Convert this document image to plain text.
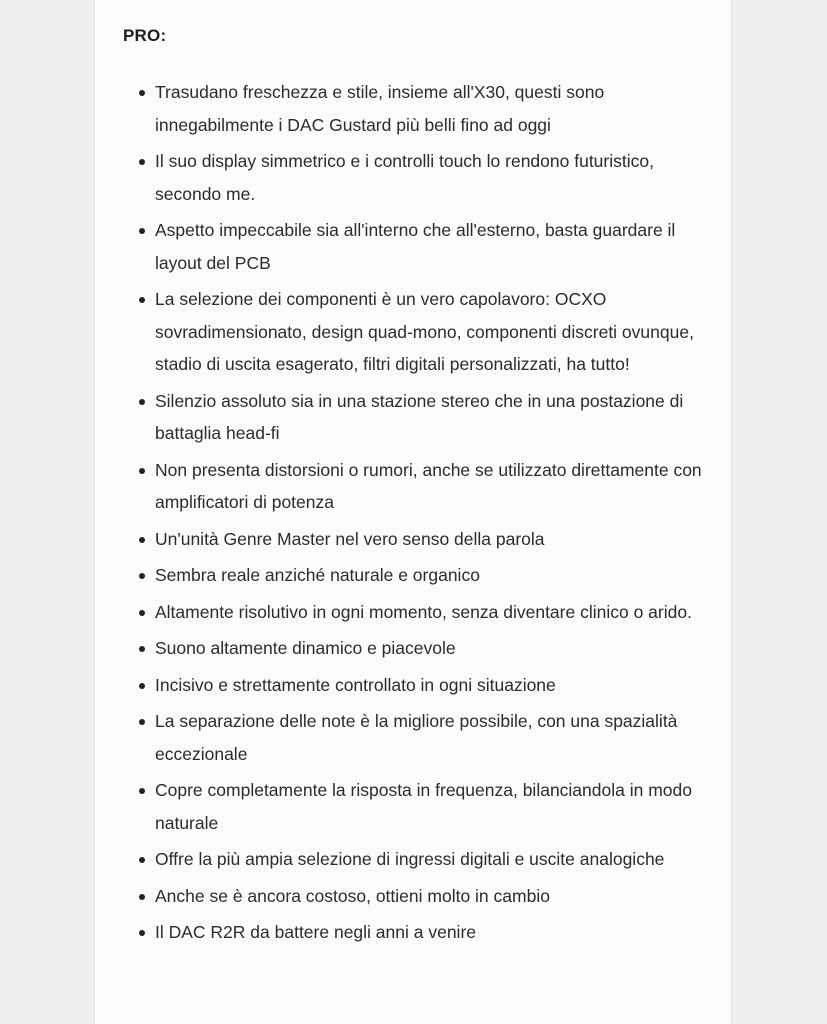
PRO:
Trasudano freschezza e stile, insieme all'X30, questi sono innegabilmente i DAC Gustard più belli fino ad oggi
Il suo display simmetrico e i controlli touch lo rendono futuristico, secondo me.
Aspetto impeccabile sia all'interno che all'esterno, basta guardare il layout del PCB
La selezione dei componenti è un vero capolavoro: OCXO sovradimensionato, design quad-mono, componenti discreti ovunque, stadio di uscita esagerato, filtri digitali personalizzati, ha tutto!
Silenzio assoluto sia in una stazione stereo che in una postazione di battaglia head-fi
Non presenta distorsioni o rumori, anche se utilizzato direttamente con amplificatori di potenza
Un'unità Genre Master nel vero senso della parola
Sembra reale anziché naturale e organico
Altamente risolutivo in ogni momento, senza diventare clinico o arido.
Suono altamente dinamico e piacevole
Incisivo e strettamente controllato in ogni situazione
La separazione delle note è la migliore possibile, con una spazialità eccezionale
Copre completamente la risposta in frequenza, bilanciandola in modo naturale
Offre la più ampia selezione di ingressi digitali e uscite analogiche
Anche se è ancora costoso, ottieni molto in cambio
Il DAC R2R da battere negli anni a venire
